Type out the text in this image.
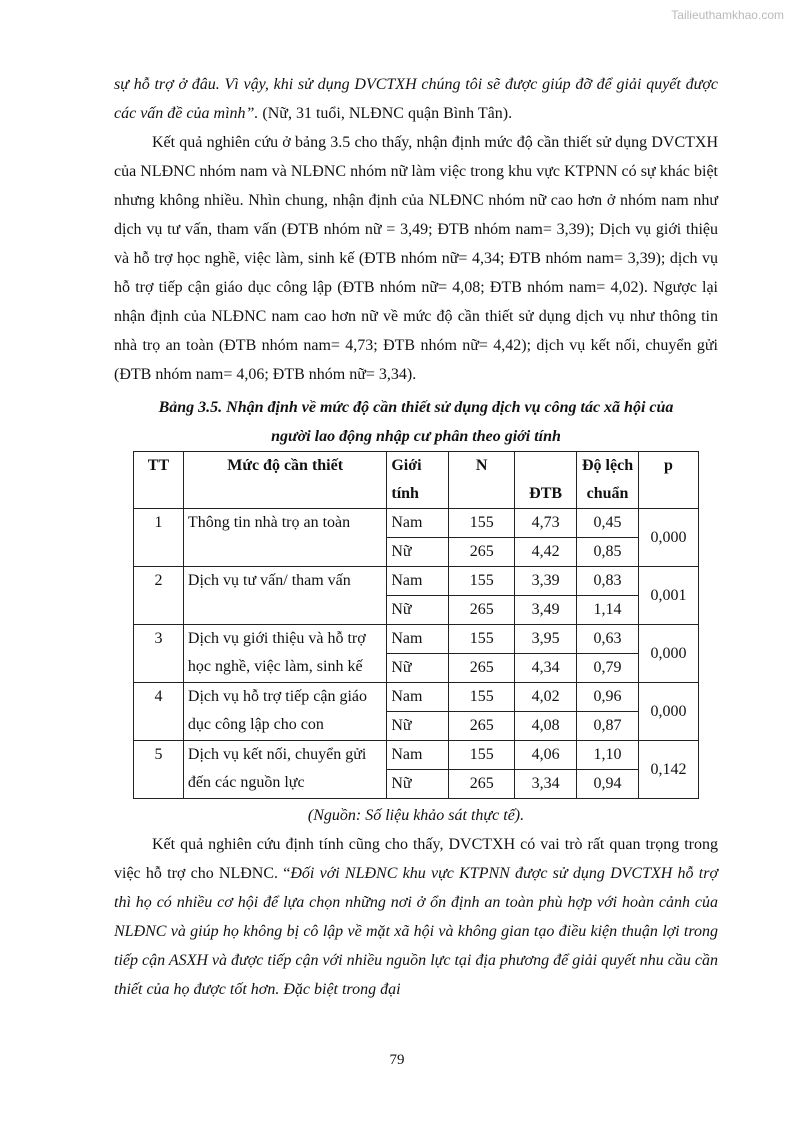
Tailieuthamkhao.com

sự hỗ trợ ở đâu. Vì vậy, khi sử dụng DVCTXH chúng tôi sẽ được giúp đỡ để giải quyết được các vấn đề của mình”. (Nữ, 31 tuổi, NLĐNC quận Bình Tân).

Kết quả nghiên cứu ở bảng 3.5 cho thấy, nhận định mức độ cần thiết sử dụng DVCTXH của NLĐNC nhóm nam và NLĐNC nhóm nữ làm việc trong khu vực KTPNN có sự khác biệt nhưng không nhiều. Nhìn chung, nhận định của NLĐNC nhóm nữ cao hơn ở nhóm nam như dịch vụ tư vấn, tham vấn (ĐTB nhóm nữ = 3,49; ĐTB nhóm nam= 3,39); Dịch vụ giới thiệu và hỗ trợ học nghề, việc làm, sinh kế (ĐTB nhóm nữ= 4,34; ĐTB nhóm nam= 3,39); dịch vụ hỗ trợ tiếp cận giáo dục công lập (ĐTB nhóm nữ= 4,08; ĐTB nhóm nam= 4,02). Ngược lại nhận định của NLĐNC nam cao hơn nữ về mức độ cần thiết sử dụng dịch vụ như thông tin nhà trọ an toàn (ĐTB nhóm nam= 4,73; ĐTB nhóm nữ= 4,42); dịch vụ kết nối, chuyển gửi (ĐTB nhóm nam= 4,06; ĐTB nhóm nữ= 3,34).

Bảng 3.5. Nhận định về mức độ cần thiết sử dụng dịch vụ công tác xã hội của
người lao động nhập cư phân theo giới tính
TT	Mức độ cần thiết	Giới	N		Độ lệch	p
		tính		ĐTB	chuẩn	
1	Thông tin nhà trọ an toàn	Nam	155	4,73	0,45	0,000
		Nữ	265	4,42	0,85	
2	Dịch vụ tư vấn/ tham vấn	Nam	155	3,39	0,83	0,001
		Nữ	265	3,49	1,14	
3	Dịch vụ giới thiệu và hỗ trợ
học nghề, việc làm, sinh kế	Nam	155	3,95	0,63	0,000
		Nữ	265	4,34	0,79	
4	Dịch vụ hỗ trợ tiếp cận giáo
dục công lập cho con	Nam	155	4,02	0,96	0,000
		Nữ	265	4,08	0,87	
5	Dịch vụ kết nối, chuyển gửi
đến các nguồn lực	Nam	155	4,06	1,10	0,142
		Nữ	265	3,34	0,94	

(Nguồn: Số liệu khảo sát thực tế).

Kết quả nghiên cứu định tính cũng cho thấy, DVCTXH có vai trò rất quan trọng trong việc hỗ trợ cho NLĐNC. “Đối với NLĐNC khu vực KTPNN được sử dụng DVCTXH hỗ trợ thì họ có nhiều cơ hội để lựa chọn những nơi ở ổn định an toàn phù hợp với hoàn cảnh của NLĐNC và giúp họ không bị cô lập về mặt xã hội và không gian tạo điều kiện thuận lợi trong tiếp cận ASXH và được tiếp cận với nhiều nguồn lực tại địa phương để giải quyết nhu cầu cần thiết của họ được tốt hơn. Đặc biệt trong đại

79
